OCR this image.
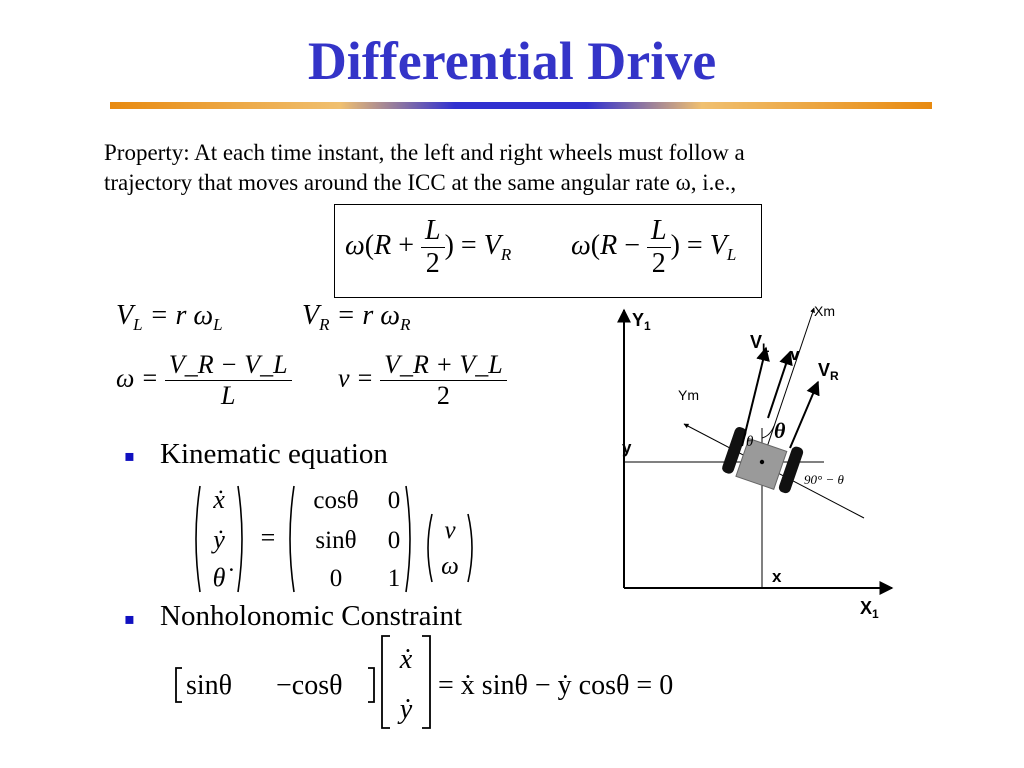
Differential Drive
Property: At each time instant, the left and right wheels must follow a trajectory that moves around the ICC at the same angular rate ω, i.e.,
$\omega(R + \frac{L}{2}$ ) = $V_R$ $\omega(R - \frac{L}{2}$ ) = $V_L$
$V_L = r$ $\omega_L$	$V_R = r$ $\omega_R$
$\omega = \frac{V\_R - V\_L}{L}$ $v = \frac{V\_R + V\_L}{2}$
▪ Kinematic equation
ẋ
ẏ
θ̇
=
cosθ 0
sinθ 0
0 1
v
ω
▪ Nonholonomic Constraint
sinθ −cosθ
ẋ
ẏ
= ẋ sinθ − ẏ cosθ = 0
$Y_1$
$X_1$
y
x
Xm
Ym
$V_L$ v
$V_R$
θ
θ
90° − θ
